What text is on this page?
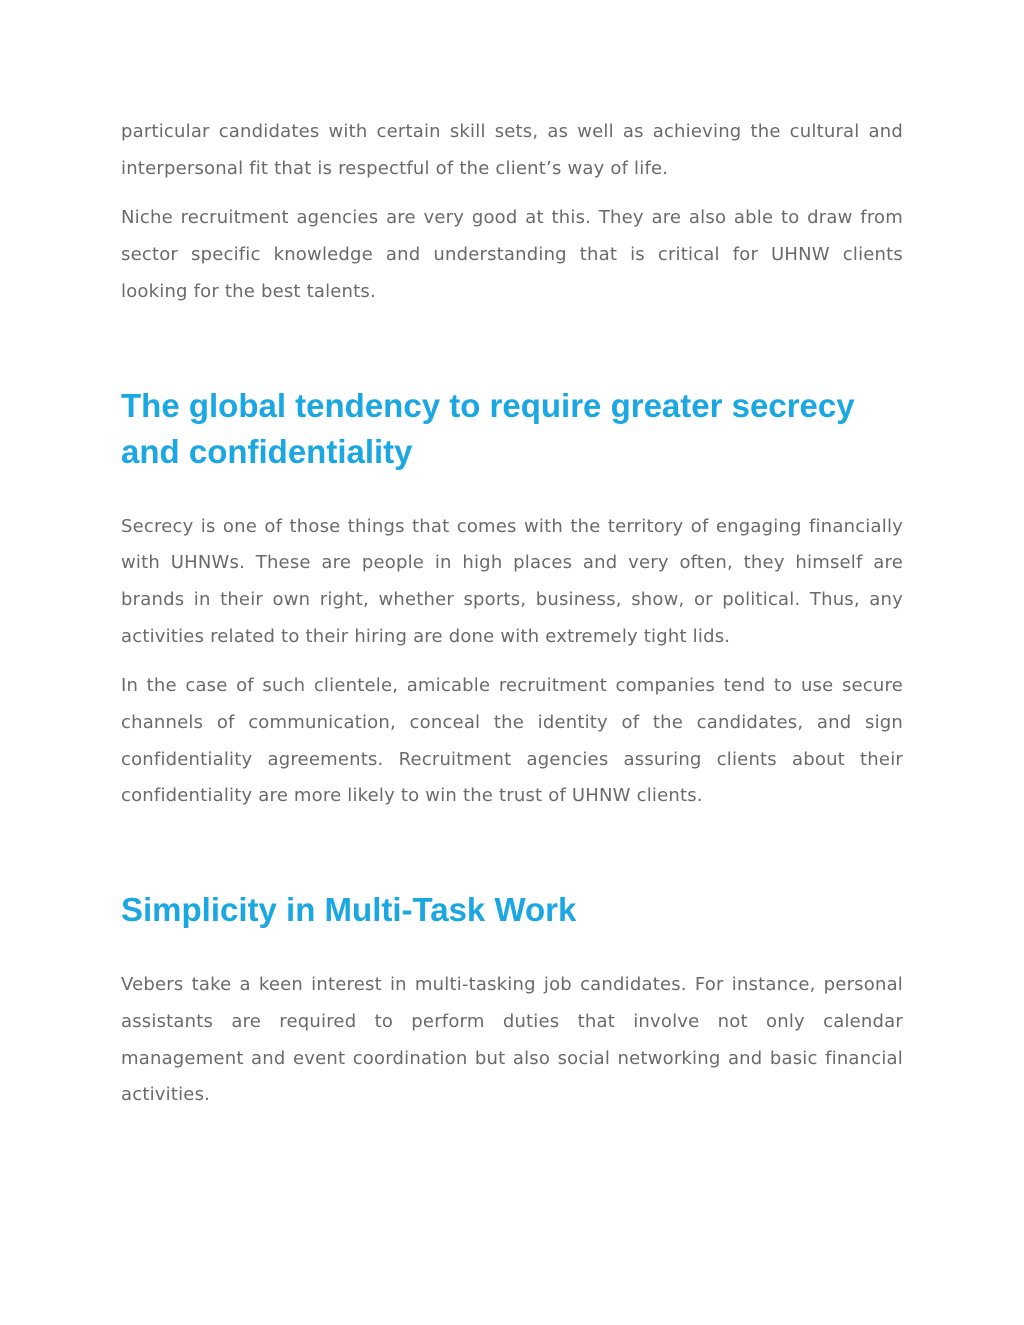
particular candidates with certain skill sets, as well as achieving the cultural and interpersonal fit that is respectful of the client’s way of life.

Niche recruitment agencies are very good at this. They are also able to draw from sector specific knowledge and understanding that is critical for UHNW clients looking for the best talents.

The global tendency to require greater secrecy and confidentiality

Secrecy is one of those things that comes with the territory of engaging financially with UHNWs. These are people in high places and very often, they himself are brands in their own right, whether sports, business, show, or political. Thus, any activities related to their hiring are done with extremely tight lids.

In the case of such clientele, amicable recruitment companies tend to use secure channels of communication, conceal the identity of the candidates, and sign confidentiality agreements. Recruitment agencies assuring clients about their confidentiality are more likely to win the trust of UHNW clients.

Simplicity in Multi-Task Work

Vebers take a keen interest in multi-tasking job candidates. For instance, personal assistants are required to perform duties that involve not only calendar management and event coordination but also social networking and basic financial activities.
